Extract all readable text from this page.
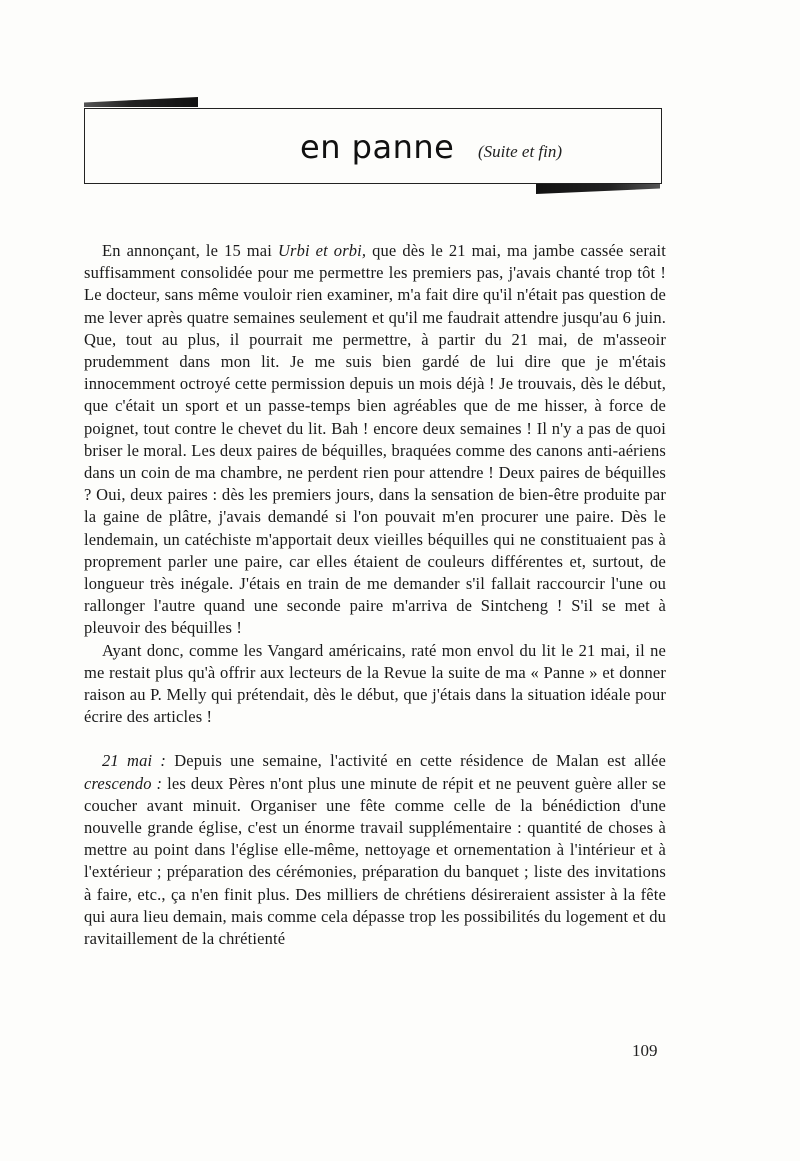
en panne (Suite et fin)

En annonçant, le 15 mai Urbi et orbi, que dès le 21 mai, ma jambe cassée serait suffisamment consolidée pour me permettre les premiers pas, j'avais chanté trop tôt ! Le docteur, sans même vouloir rien examiner, m'a fait dire qu'il n'était pas question de me lever après quatre semaines seulement et qu'il me faudrait attendre jusqu'au 6 juin. Que, tout au plus, il pourrait me permettre, à partir du 21 mai, de m'asseoir prudemment dans mon lit. Je me suis bien gardé de lui dire que je m'étais innocemment octroyé cette permission depuis un mois déjà ! Je trouvais, dès le début, que c'était un sport et un passe-temps bien agréables que de me hisser, à force de poignet, tout contre le chevet du lit. Bah ! encore deux semaines ! Il n'y a pas de quoi briser le moral. Les deux paires de béquilles, braquées comme des canons anti-aériens dans un coin de ma chambre, ne perdent rien pour attendre ! Deux paires de béquilles ? Oui, deux paires : dès les premiers jours, dans la sensation de bien-être produite par la gaine de plâtre, j'avais demandé si l'on pouvait m'en procurer une paire. Dès le lendemain, un catéchiste m'apportait deux vieilles béquilles qui ne constituaient pas à proprement parler une paire, car elles étaient de couleurs différentes et, surtout, de longueur très inégale. J'étais en train de me demander s'il fallait raccourcir l'une ou rallonger l'autre quand une seconde paire m'arriva de Sintcheng ! S'il se met à pleuvoir des béquilles !

Ayant donc, comme les Vangard américains, raté mon envol du lit le 21 mai, il ne me restait plus qu'à offrir aux lecteurs de la Revue la suite de ma « Panne » et donner raison au P. Melly qui prétendait, dès le début, que j'étais dans la situation idéale pour écrire des articles !

21 mai : Depuis une semaine, l'activité en cette résidence de Malan est allée crescendo : les deux Pères n'ont plus une minute de répit et ne peuvent guère aller se coucher avant minuit. Organiser une fête comme celle de la bénédiction d'une nouvelle grande église, c'est un énorme travail supplémentaire : quantité de choses à mettre au point dans l'église elle-même, nettoyage et ornementation à l'intérieur et à l'extérieur ; préparation des cérémonies, préparation du banquet ; liste des invitations à faire, etc., ça n'en finit plus. Des milliers de chrétiens désireraient assister à la fête qui aura lieu demain, mais comme cela dépasse trop les possibilités du logement et du ravitaillement de la chrétienté

109
